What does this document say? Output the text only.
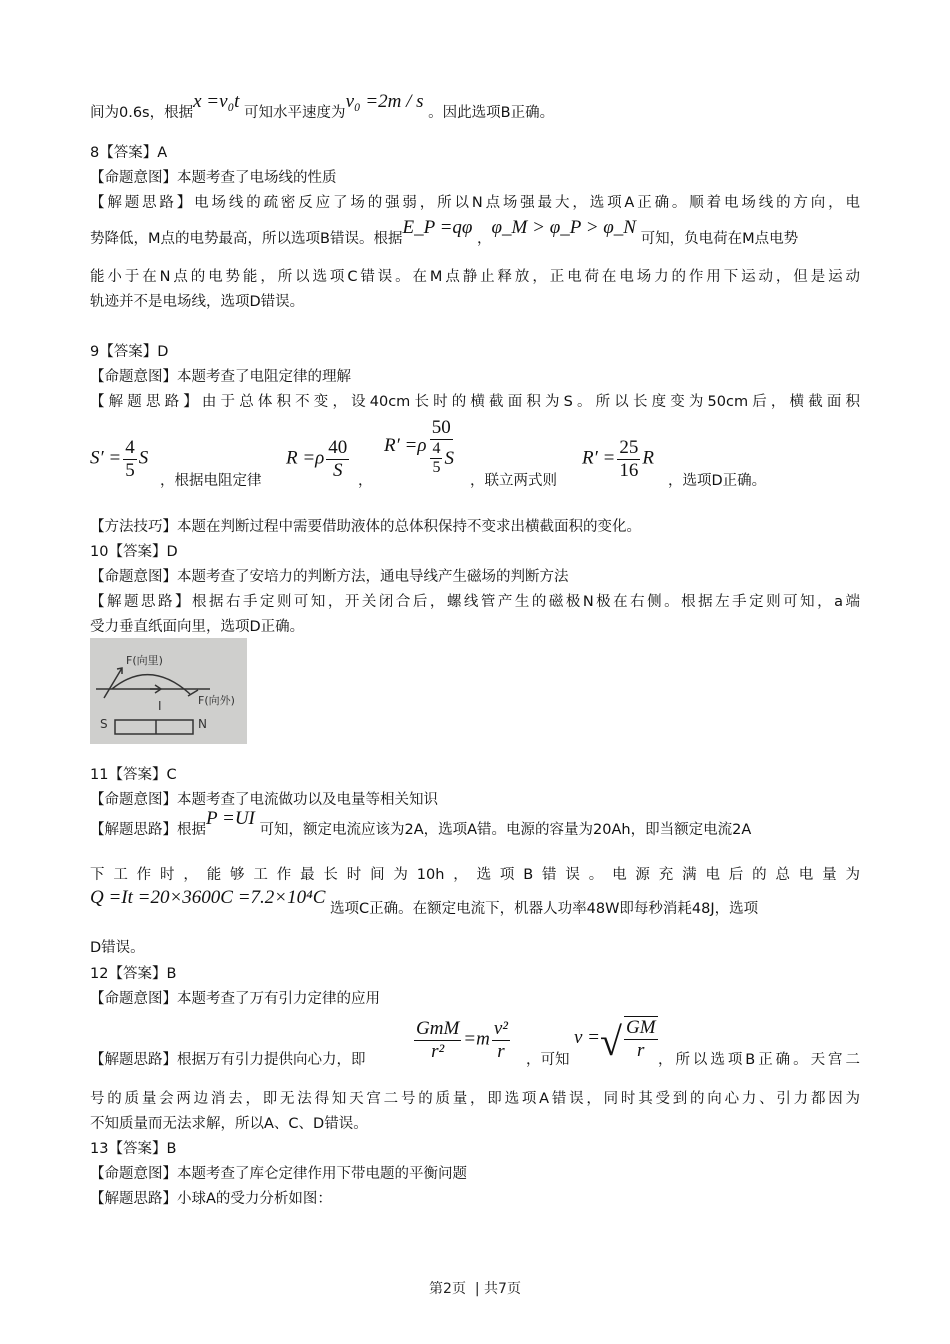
间为0.6s，根据x =v₀t 可知水平速度为v₀ =2m / s 。因此选项B正确。
8【答案】A
【命题意图】本题考查了电场线的性质
【解题思路】电场线的疏密反应了场的强弱，所以N点场强最大，选项A正确。顺着电场线的方向，电
势降低，M点的电势最高，所以选项B错误。根据E_P =qφ ，φ_M > φ_P > φ_N 可知，负电荷在M点电势
能小于在N点的电势能，所以选项C错误。在M点静止释放，正电荷在电场力的作用下运动，但是运动
轨迹并不是电场线，选项D错误。
9【答案】D
【命题意图】本题考查了电阻定律的理解
【解题思路】由于总体积不变，设40cm长时的横截面积为S。所以长度变为50cm后，横截面积
$S' = \frac{4}{5}$ S
，根据电阻定律
$R =\rho \frac{40}{S}$ ，
$R' =\rho \frac{50}{\frac{4}{5} S}$
，联立两式则
$R' = \frac{25}{16}$ R
，选项D正确。
【方法技巧】本题在判断过程中需要借助液体的总体积保持不变求出横截面积的变化。
10【答案】D
【命题意图】本题考查了安培力的判断方法，通电导线产生磁场的判断方法
【解题思路】根据右手定则可知，开关闭合后，螺线管产生的磁极N极在右侧。根据左手定则可知，a端
受力垂直纸面向里，选项D正确。
F(向里)
F(向外)
I
S	N
11【答案】C
【命题意图】本题考查了电流做功以及电量等相关知识
【解题思路】根据P =UI 可知，额定电流应该为2A，选项A错。电源的容量为20Ah，即当额定电流2A
下工作时，能够工作最长时间为10h，选项B错误。电源充满电后的总电量为
Q =It =20×3600C =7.2×10⁴C 选项C正确。在额定电流下，机器人功率48W即每秒消耗48J，选项
D错误。
12【答案】B
【命题意图】本题考查了万有引力定律的应用
【解题思路】根据万有引力提供向心力，即
GmM
r²
$=m \frac{\text{v²}}{r}$ ，可知
v = √ $\frac{GM}{r}$ ，所以选项B正确。天宫二
号的质量会两边消去，即无法得知天宫二号的质量，即选项A错误，同时其受到的向心力、引力都因为
不知质量而无法求解，所以A、C、D错误。
13【答案】B
【命题意图】本题考查了库仑定律作用下带电题的平衡问题
【解题思路】小球A的受力分析如图：
第2页 | 共7页
